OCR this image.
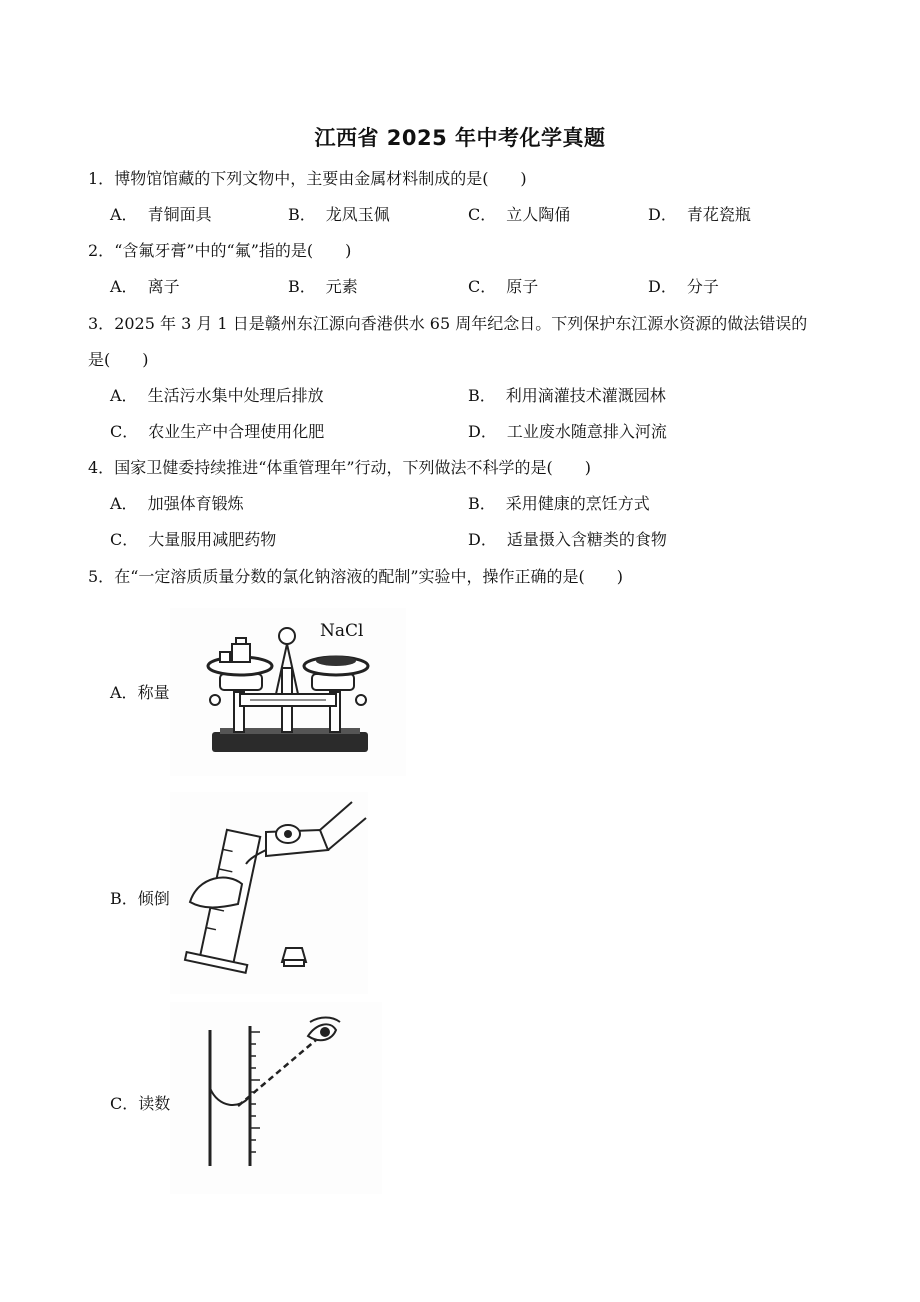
江西省 2025 年中考化学真题
1．博物馆馆藏的下列文物中，主要由金属材料制成的是(　　)
A． 青铜面具	B． 龙凤玉佩	C． 立人陶俑	D． 青花瓷瓶
2．“含氟牙膏”中的“氟”指的是(　　)
A． 离子	B． 元素	C． 原子	D． 分子
3．2025 年 3 月 1 日是赣州东江源向香港供水 65 周年纪念日。下列保护东江源水资源的做法错误的
是(　　)
A． 生活污水集中处理后排放	B． 利用滴灌技术灌溉园林
C． 农业生产中合理使用化肥	D． 工业废水随意排入河流
4．国家卫健委持续推进“体重管理年”行动，下列做法不科学的是(　　)
A． 加强体育锻炼	B． 采用健康的烹饪方式
C． 大量服用减肥药物	D． 适量摄入含糖类的食物
5．在“一定溶质质量分数的氯化钠溶液的配制”实验中，操作正确的是(　　)
A．称量
NaCl
B．倾倒
C．读数
